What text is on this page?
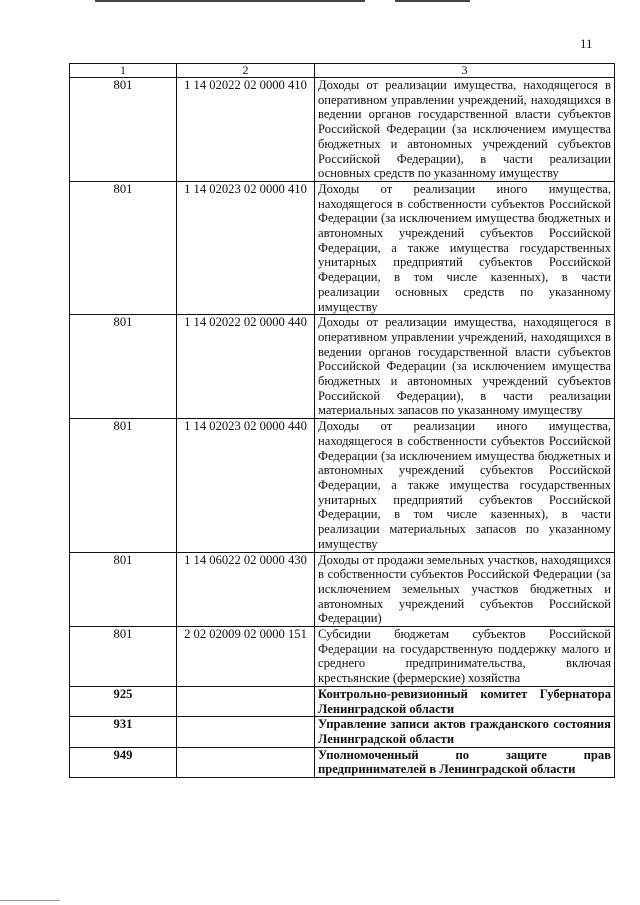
11
1	2	3
801	1 14 02022 02 0000 410	Доходы от реализации имущества, находящегося в оперативном управлении учреждений, находящихся в ведении органов государственной власти субъектов Российской Федерации (за исключением имущества бюджетных и автономных учреждений субъектов Российской Федерации), в части реализации основных средств по указанному имуществу
801	1 14 02023 02 0000 410	Доходы от реализации иного имущества, находящегося в собственности субъектов Российской Федерации (за исключением имущества бюджетных и автономных учреждений субъектов Российской Федерации, а также имущества государственных унитарных предприятий субъектов Российской Федерации, в том числе казенных), в части реализации основных средств по указанному имуществу
801	1 14 02022 02 0000 440	Доходы от реализации имущества, находящегося в оперативном управлении учреждений, находящихся в ведении органов государственной власти субъектов Российской Федерации (за исключением имущества бюджетных и автономных учреждений субъектов Российской Федерации), в части реализации материальных запасов по указанному имуществу
801	1 14 02023 02 0000 440	Доходы от реализации иного имущества, находящегося в собственности субъектов Российской Федерации (за исключением имущества бюджетных и автономных учреждений субъектов Российской Федерации, а также имущества государственных унитарных предприятий субъектов Российской Федерации, в том числе казенных), в части реализации материальных запасов по указанному имуществу
801	1 14 06022 02 0000 430	Доходы от продажи земельных участков, находящихся в собственности субъектов Российской Федерации (за исключением земельных участков бюджетных и автономных учреждений субъектов Российской Федерации)
801	2 02 02009 02 0000 151	Субсидии бюджетам субъектов Российской Федерации на государственную поддержку малого и среднего предпринимательства, включая крестьянские (фермерские) хозяйства
925		Контрольно-ревизионный комитет Губернатора Ленинградской области
931		Управление записи актов гражданского состояния Ленинградской области
949		Уполномоченный по защите прав предпринимателей в Ленинградской области
